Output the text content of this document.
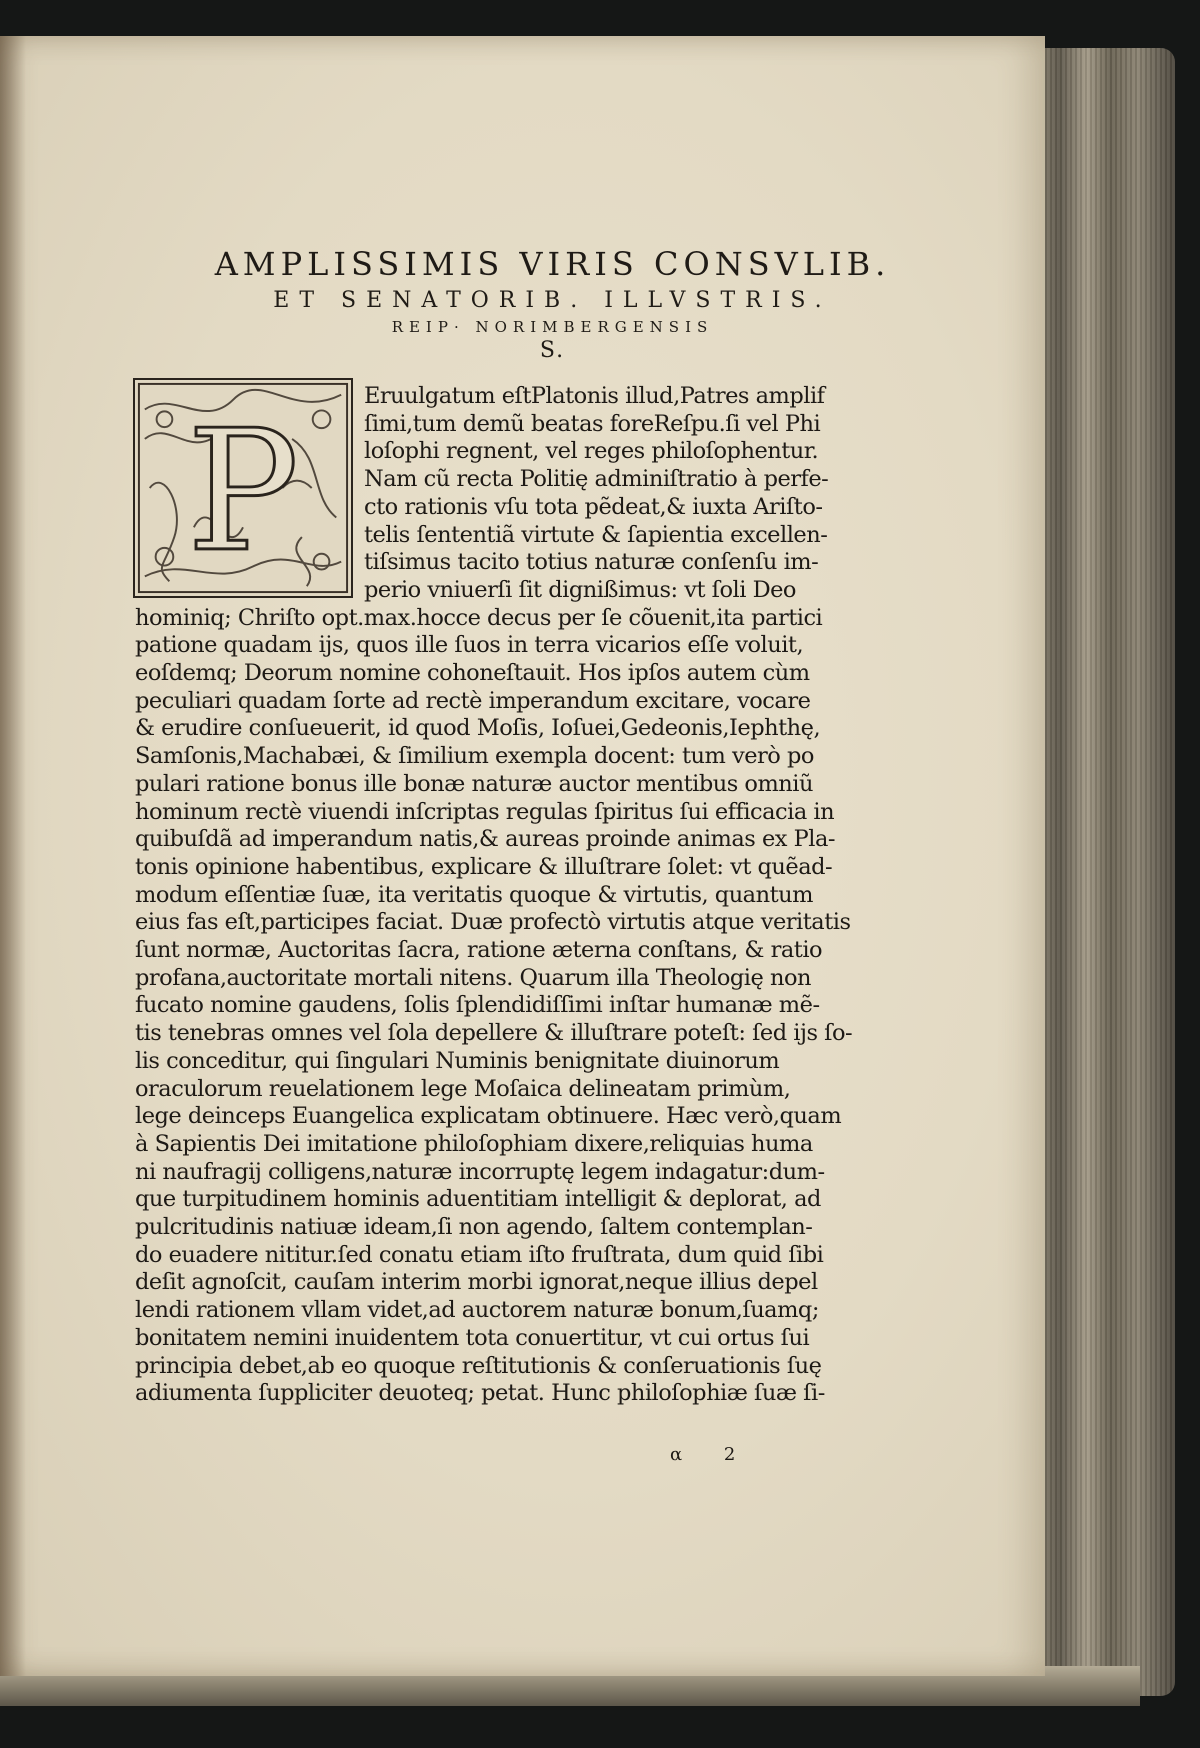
AMPLISSIMIS VIRIS CONSVLIB.
ET SENATORIB. ILLVSTRIS.
REIP· NORIMBERGENSIS
S.
P	Eruulgatum eſtPlatonis illud,Patres amplif
ſimi,tum demũ beatas foreReſpu.ſi vel Phi
loſophi regnent, vel reges philoſophentur.
Nam cũ recta Politię adminiſtratio à perfe-
cto rationis vſu tota pẽdeat,& iuxta Ariſto-
telis ſententiã virtute & ſapientia excellen-
tiſsimus tacito totius naturæ conſenſu im-
perio vniuerſi ſit dignißimus: vt ſoli Deo
hominiq; Chriſto opt.max.hocce decus per ſe cõuenit,ita partici
patione quadam ijs, quos ille ſuos in terra vicarios eſſe voluit,
eoſdemq; Deorum nomine cohoneſtauit. Hos ipſos autem cùm
peculiari quadam ſorte ad rectè imperandum excitare, vocare
& erudire conſueuerit, id quod Moſis, Ioſuei,Gedeonis,Iephthę,
Samſonis,Machabæi, & ſimilium exempla docent: tum verò po
pulari ratione bonus ille bonæ naturæ auctor mentibus omniũ
hominum rectè viuendi inſcriptas regulas ſpiritus ſui efficacia in
quibuſdã ad imperandum natis,& aureas proinde animas ex Pla-
tonis opinione habentibus, explicare & illuſtrare ſolet: vt quẽad-
modum eſſentiæ ſuæ, ita veritatis quoque & virtutis, quantum
eius fas eſt,participes faciat. Duæ profectò virtutis atque veritatis
ſunt normæ, Auctoritas ſacra, ratione æterna conſtans, & ratio
profana,auctoritate mortali nitens. Quarum illa Theologię non
fucato nomine gaudens, ſolis ſplendidiſſimi inſtar humanæ mẽ-
tis tenebras omnes vel ſola depellere & illuſtrare poteſt: ſed ijs ſo-
lis conceditur, qui ſingulari Numinis benignitate diuinorum
oraculorum reuelationem lege Moſaica delineatam primùm,
lege deinceps Euangelica explicatam obtinuere. Hæc verò,quam
à Sapientis Dei imitatione philoſophiam dixere,reliquias huma
ni naufragij colligens,naturæ incorruptę legem indagatur:dum-
que turpitudinem hominis aduentitiam intelligit & deplorat, ad
pulcritudinis natiuæ ideam,ſi non agendo, ſaltem contemplan-
do euadere nititur.ſed conatu etiam iſto fruſtrata, dum quid ſibi
deſit agnoſcit, cauſam interim morbi ignorat,neque illius depel
lendi rationem vllam videt,ad auctorem naturæ bonum,ſuamq;
bonitatem nemini inuidentem tota conuertitur, vt cui ortus ſui
principia debet,ab eo quoque reſtitutionis & conſeruationis ſuę
adiumenta ſuppliciter deuoteq; petat. Hunc philoſophiæ ſuæ ſi-
α 2
